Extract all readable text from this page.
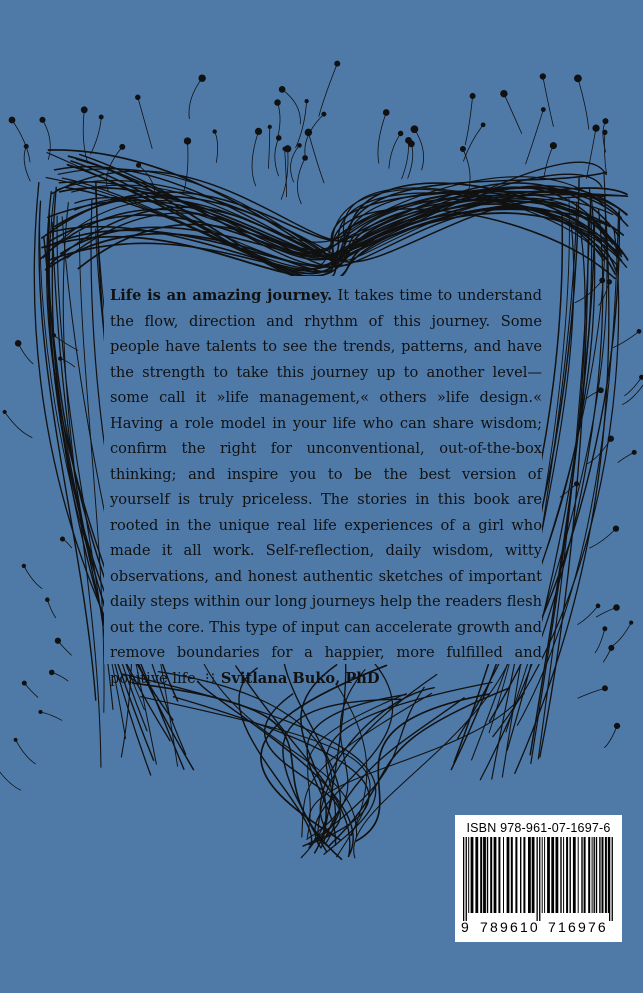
Life is an amazing journey. It takes time to understand the flow, direction and rhythm of this journey. Some people have talents to see the trends, patterns, and have the strength to take this journey up to another level—some call it »life management,« others »life design.« Having a role model in your life who can share wisdom; confirm the right for unconventional, out-of-the-box thinking; and inspire you to be the best version of yourself is truly priceless. The stories in this book are rooted in the unique real life experiences of a girl who made it all work. Self-reflection, daily wisdom, witty observations, and honest authentic sketches of important daily steps within our long journeys help the readers flesh out the core. This type of input can accelerate growth and remove boundaries for a happier, more fulfilled and positive life. ⁝⁝ Svitlana Buko, PhD

ISBN 978-961-07-1697-6
9 789610 716976
